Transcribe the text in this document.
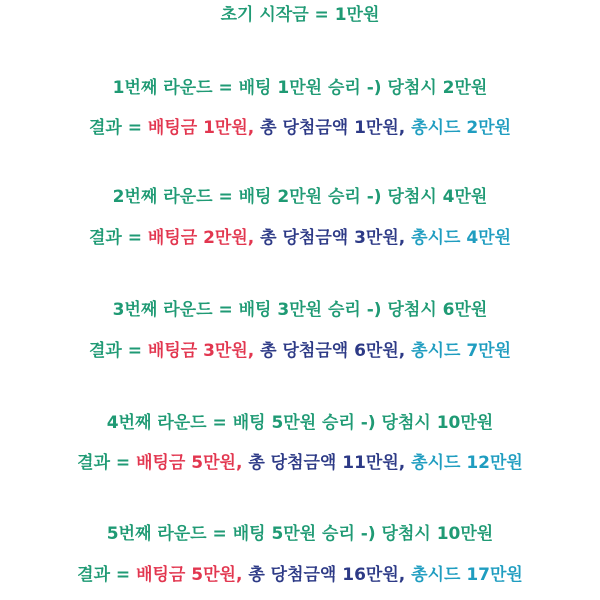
초기 시작금 = 1만원
1번째 라운드 = 배팅 1만원 승리 -) 당첨시 2만원
결과 = 배팅금 1만원, 총 당첨금액 1만원, 총시드 2만원
2번째 라운드 = 배팅 2만원 승리 -) 당첨시 4만원
결과 = 배팅금 2만원, 총 당첨금액 3만원, 총시드 4만원
3번째 라운드 = 배팅 3만원 승리 -) 당첨시 6만원
결과 = 배팅금 3만원, 총 당첨금액 6만원, 총시드 7만원
4번째 라운드 = 배팅 5만원 승리 -) 당첨시 10만원
결과 = 배팅금 5만원, 총 당첨금액 11만원, 총시드 12만원
5번째 라운드 = 배팅 5만원 승리 -) 당첨시 10만원
결과 = 배팅금 5만원, 총 당첨금액 16만원, 총시드 17만원
